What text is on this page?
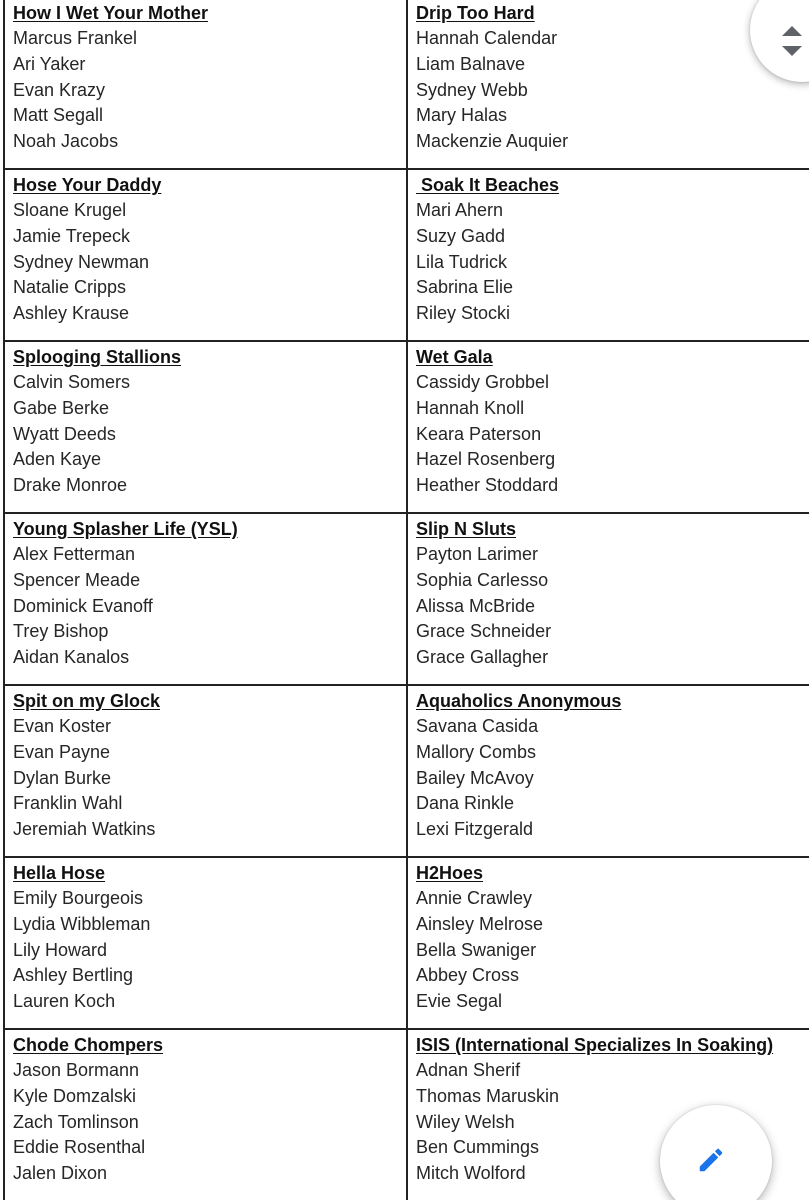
How I Wet Your Mother
Marcus Frankel
Ari Yaker
Evan Krazy
Matt Segall
Noah Jacobs
Drip Too Hard
Hannah Calendar
Liam Balnave
Sydney Webb
Mary Halas
Mackenzie Auquier
Hose Your Daddy
Sloane Krugel
Jamie Trepeck
Sydney Newman
Natalie Cripps
Ashley Krause
Soak It Beaches
Mari Ahern
Suzy Gadd
Lila Tudrick
Sabrina Elie
Riley Stocki
Splooging Stallions
Calvin Somers
Gabe Berke
Wyatt Deeds
Aden Kaye
Drake Monroe
Wet Gala
Cassidy Grobbel
Hannah Knoll
Keara Paterson
Hazel Rosenberg
Heather Stoddard
Young Splasher Life (YSL)
Alex Fetterman
Spencer Meade
Dominick Evanoff
Trey Bishop
Aidan Kanalos
Slip N Sluts
Payton Larimer
Sophia Carlesso
Alissa McBride
Grace Schneider
Grace Gallagher
Spit on my Glock
Evan Koster
Evan Payne
Dylan Burke
Franklin Wahl
Jeremiah Watkins
Aquaholics Anonymous
Savana Casida
Mallory Combs
Bailey McAvoy
Dana Rinkle
Lexi Fitzgerald
Hella Hose
Emily Bourgeois
Lydia Wibbleman
Lily Howard
Ashley Bertling
Lauren Koch
H2Hoes
Annie Crawley
Ainsley Melrose
Bella Swaniger
Abbey Cross
Evie Segal
Chode Chompers
Jason Bormann
Kyle Domzalski
Zach Tomlinson
Eddie Rosenthal
Jalen Dixon
ISIS (International Specializes In Soaking)
Adnan Sherif
Thomas Maruskin
Wiley Welsh
Ben Cummings
Mitch Wolford
